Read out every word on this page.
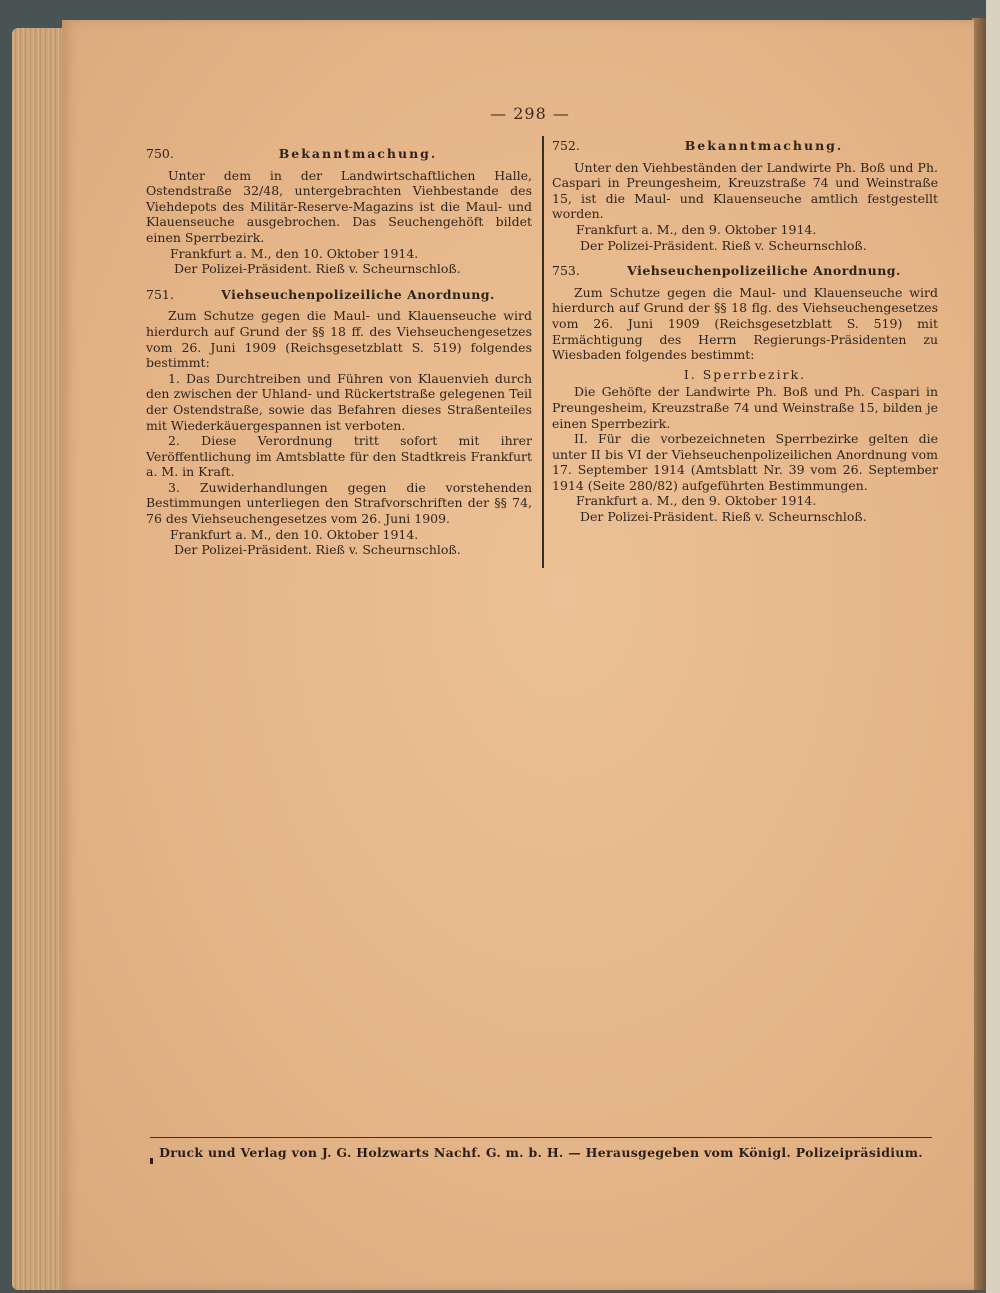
— 298 —
750.	Bekanntmachung.

Unter dem in der Landwirtschaftlichen Halle, Ostendstraße 32/48, untergebrachten Viehbestande des Viehdepots des Militär-Reserve-Magazins ist die Maul- und Klauenseuche ausgebrochen. Das Seuchengehöft bildet einen Sperrbezirk.

Frankfurt a. M., den 10. Oktober 1914.

Der Polizei-Präsident. Rieß v. Scheurnschloß.

751.	Viehseuchenpolizeiliche Anordnung.

Zum Schutze gegen die Maul- und Klauenseuche wird hierdurch auf Grund der §§ 18 ff. des Viehseuchengesetzes vom 26. Juni 1909 (Reichsgesetzblatt S. 519) folgendes bestimmt:

1. Das Durchtreiben und Führen von Klauenvieh durch den zwischen der Uhland- und Rückertstraße gelegenen Teil der Ostendstraße, sowie das Befahren dieses Straßenteiles mit Wiederkäuergespannen ist verboten.

2. Diese Verordnung tritt sofort mit ihrer Veröffentlichung im Amtsblatte für den Stadtkreis Frankfurt a. M. in Kraft.

3. Zuwiderhandlungen gegen die vorstehenden Bestimmungen unterliegen den Strafvorschriften der §§ 74, 76 des Viehseuchengesetzes vom 26. Juni 1909.

Frankfurt a. M., den 10. Oktober 1914.

Der Polizei-Präsident. Rieß v. Scheurnschloß.

752.	Bekanntmachung.

Unter den Viehbeständen der Landwirte Ph. Boß und Ph. Caspari in Preungesheim, Kreuzstraße 74 und Weinstraße 15, ist die Maul- und Klauenseuche amtlich festgestellt worden.

Frankfurt a. M., den 9. Oktober 1914.

Der Polizei-Präsident. Rieß v. Scheurnschloß.

753.	Viehseuchenpolizeiliche Anordnung.

Zum Schutze gegen die Maul- und Klauenseuche wird hierdurch auf Grund der §§ 18 flg. des Viehseuchengesetzes vom 26. Juni 1909 (Reichsgesetzblatt S. 519) mit Ermächtigung des Herrn Regierungs-Präsidenten zu Wiesbaden folgendes bestimmt:

I. Sperrbezirk.

Die Gehöfte der Landwirte Ph. Boß und Ph. Caspari in Preungesheim, Kreuzstraße 74 und Weinstraße 15, bilden je einen Sperrbezirk.

II. Für die vorbezeichneten Sperrbezirke gelten die unter II bis VI der Viehseuchenpolizeilichen Anordnung vom 17. September 1914 (Amtsblatt Nr. 39 vom 26. September 1914 (Seite 280/82) aufgeführten Bestimmungen.

Frankfurt a. M., den 9. Oktober 1914.

Der Polizei-Präsident. Rieß v. Scheurnschloß.

Druck und Verlag von J. G. Holzwarts Nachf. G. m. b. H. — Herausgegeben vom Königl. Polizeipräsidium.
